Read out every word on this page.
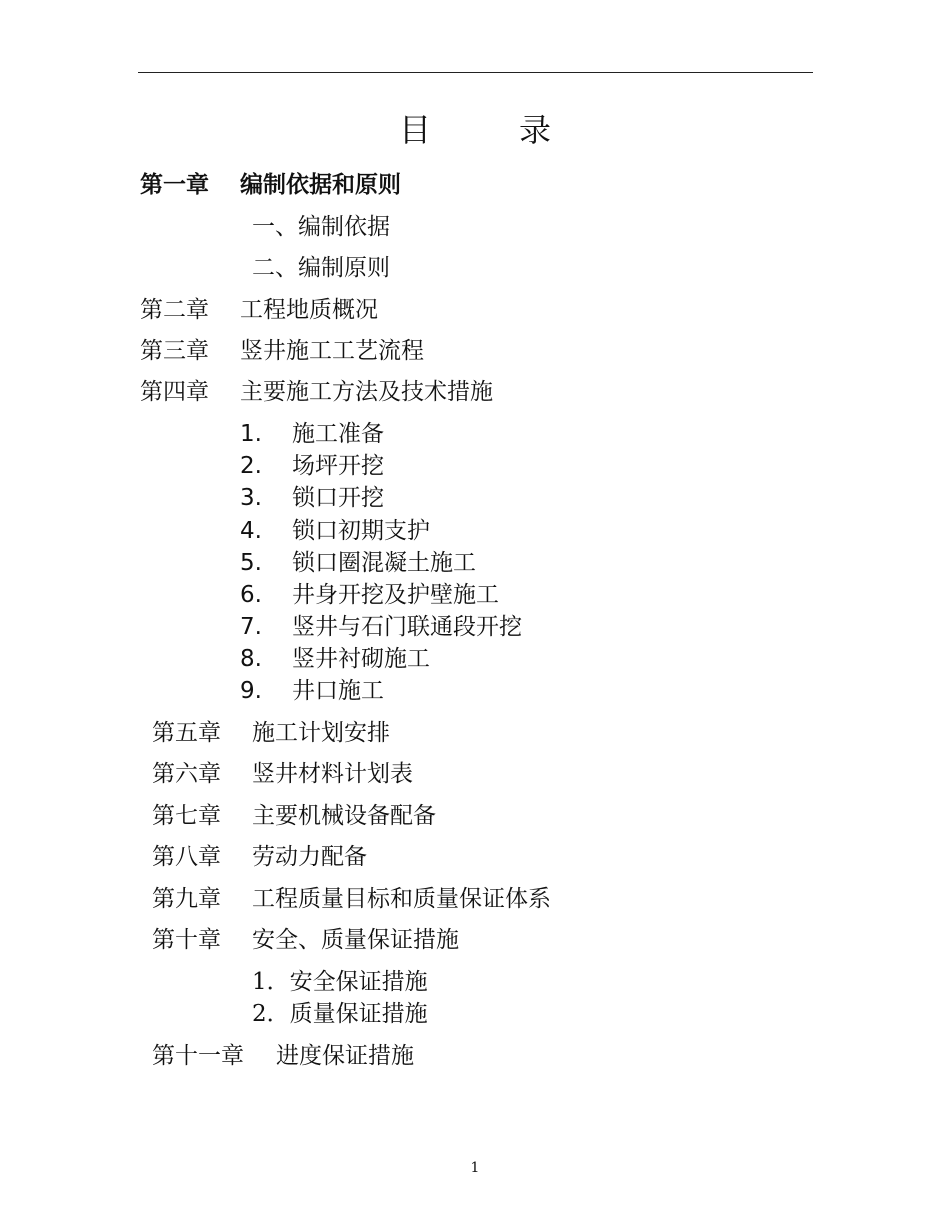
目录
第一章 编制依据和原则
一、编制依据
二、编制原则
第二章 工程地质概况
第三章 竖井施工工艺流程
第四章 主要施工方法及技术措施
1. 施工准备
2. 场坪开挖
3. 锁口开挖
4. 锁口初期支护
5. 锁口圈混凝土施工
6. 井身开挖及护壁施工
7. 竖井与石门联通段开挖
8. 竖井衬砌施工
9. 井口施工
第五章 施工计划安排
第六章 竖井材料计划表
第七章 主要机械设备配备
第八章 劳动力配备
第九章 工程质量目标和质量保证体系
第十章 安全、质量保证措施
1．安全保证措施
2．质量保证措施
第十一章 进度保证措施
1
